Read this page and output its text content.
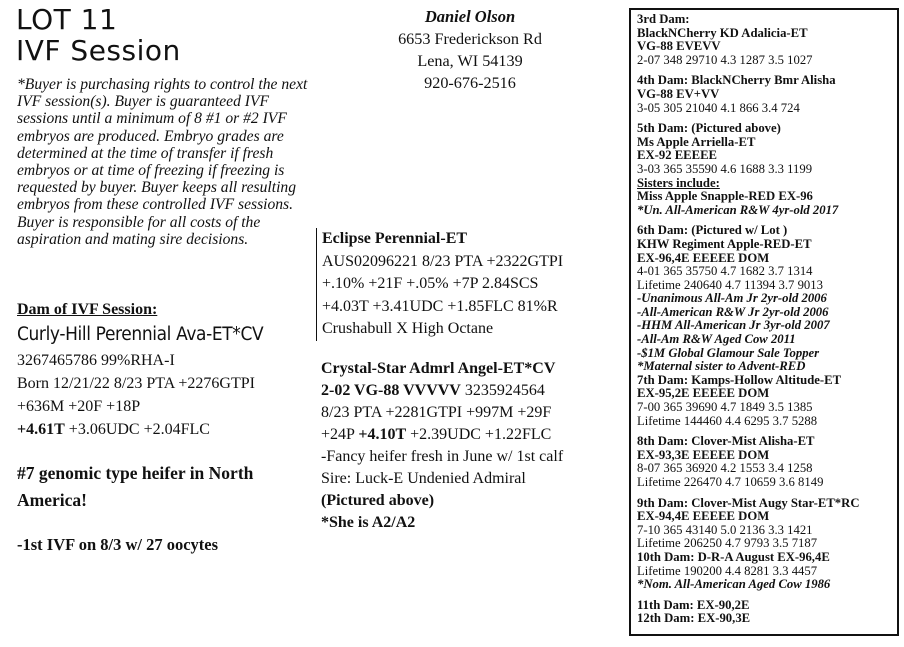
LOT 11
IVF Session
*Buyer is purchasing rights to control the next IVF session(s). Buyer is guaranteed IVF sessions until a minimum of 8 #1 or #2 IVF embryos are produced. Embryo grades are determined at the time of transfer if fresh embryos or at time of freezing if freezing is requested by buyer. Buyer keeps all resulting embryos from these controlled IVF sessions. Buyer is responsible for all costs of the aspiration and mating sire decisions.
Daniel Olson
6653 Frederickson Rd
Lena, WI 54139
920-676-2516
Dam of IVF Session:
Curly-Hill Perennial Ava-ET*CV
3267465786 99%RHA-I
Born 12/21/22 8/23 PTA +2276GTPI
+636M +20F +18P
+4.61T +3.06UDC +2.04FLC
#7 genomic type heifer in North America!
-1st IVF on 8/3 w/ 27 oocytes
Eclipse Perennial-ET
AUS02096221 8/23 PTA +2322GTPI
+.10% +21F +.05% +7P 2.84SCS
+4.03T +3.41UDC +1.85FLC 81%R
Crushabull X High Octane
Crystal-Star Admrl Angel-ET*CV
2-02 VG-88 VVVVV 3235924564
8/23 PTA +2281GTPI +997M +29F
+24P +4.10T +2.39UDC +1.22FLC
-Fancy heifer fresh in June w/ 1st calf
Sire: Luck-E Undenied Admiral
(Pictured above)
*She is A2/A2
3rd Dam:
BlackNCherry KD Adalicia-ET
VG-88 EVEVV
2-07 348 29710 4.3 1287 3.5 1027
4th Dam: BlackNCherry Bmr Alisha
VG-88 EV+VV
3-05 305 21040 4.1 866 3.4 724
5th Dam: (Pictured above)
Ms Apple Arriella-ET
EX-92 EEEEE
3-03 365 35590 4.6 1688 3.3 1199
Sisters include:
Miss Apple Snapple-RED EX-96
*Un. All-American R&W 4yr-old 2017
6th Dam: (Pictured w/ Lot )
KHW Regiment Apple-RED-ET
EX-96,4E EEEEE DOM
4-01 365 35750 4.7 1682 3.7 1314
Lifetime 240640 4.7 11394 3.7 9013
-Unanimous All-Am Jr 2yr-old 2006
-All-American R&W Jr 2yr-old 2006
-HHM All-American Jr 3yr-old 2007
-All-Am R&W Aged Cow 2011
-$1M Global Glamour Sale Topper
*Maternal sister to Advent-RED
7th Dam: Kamps-Hollow Altitude-ET
EX-95,2E EEEEE DOM
7-00 365 39690 4.7 1849 3.5 1385
Lifetime 144460 4.4 6295 3.7 5288
8th Dam: Clover-Mist Alisha-ET
EX-93,3E EEEEE DOM
8-07 365 36920 4.2 1553 3.4 1258
Lifetime 226470 4.7 10659 3.6 8149
9th Dam: Clover-Mist Augy Star-ET*RC
EX-94,4E EEEEE DOM
7-10 365 43140 5.0 2136 3.3 1421
Lifetime 206250 4.7 9793 3.5 7187
10th Dam: D-R-A August EX-96,4E
Lifetime 190200 4.4 8281 3.3 4457
*Nom. All-American Aged Cow 1986
11th Dam: EX-90,2E
12th Dam: EX-90,3E
